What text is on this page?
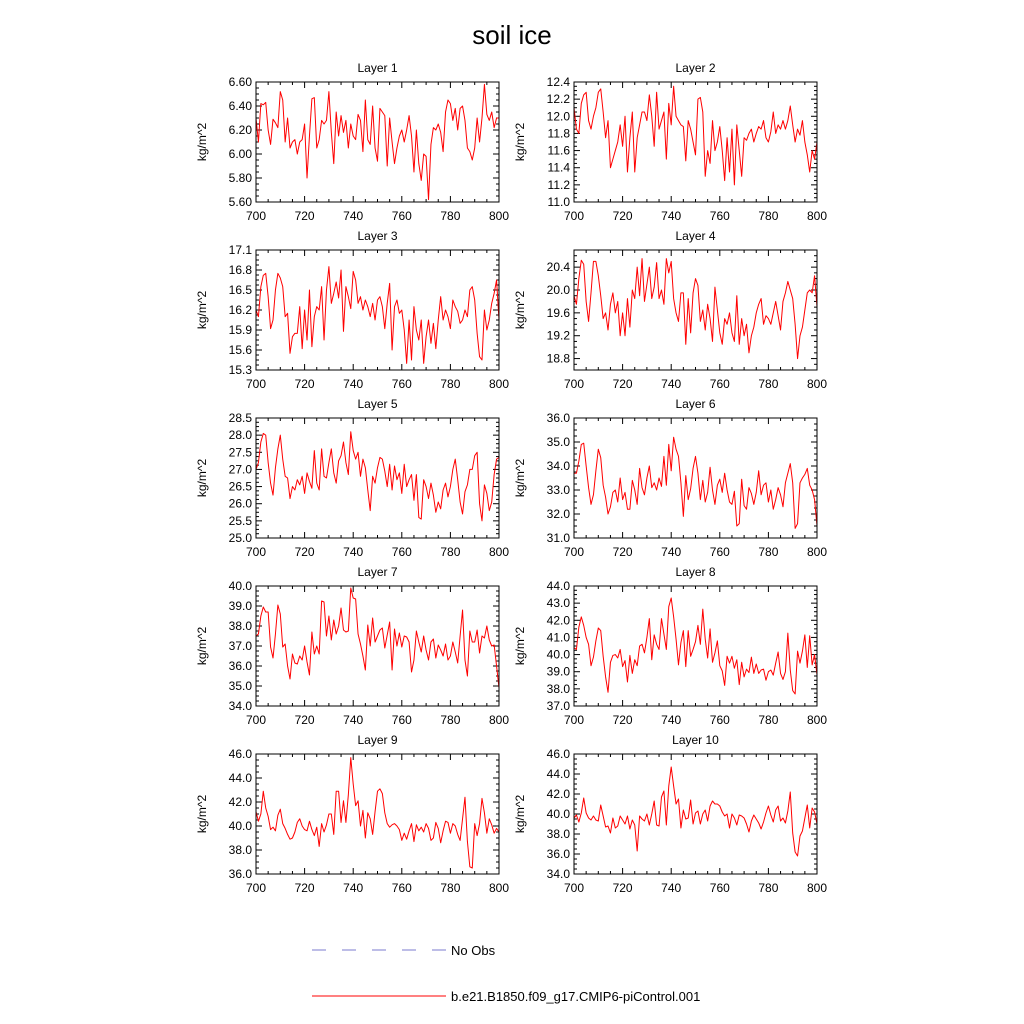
soil ice
Layer 1
kg/m^2
700 720 740 760 780 800
5.60
5.80
6.00
6.20
6.40
6.60
Layer 2
kg/m^2
700 720 740 760 780 800
11.0
11.2
11.4
11.6
11.8
12.0
12.2
12.4
Layer 3
kg/m^2
700 720 740 760 780 800
15.3
15.6
15.9
16.2
16.5
16.8
17.1
Layer 4
kg/m^2
700 720 740 760 780 800
18.8
19.2
19.6
20.0
20.4
Layer 5
kg/m^2
700 720 740 760 780 800
25.0
25.5
26.0
26.5
27.0
27.5
28.0
28.5
Layer 6
kg/m^2
700 720 740 760 780 800
31.0
32.0
33.0
34.0
35.0
36.0
Layer 7
kg/m^2
700 720 740 760 780 800
34.0
35.0
36.0
37.0
38.0
39.0
40.0
Layer 8
kg/m^2
700 720 740 760 780 800
37.0
38.0
39.0
40.0
41.0
42.0
43.0
44.0
Layer 9
kg/m^2
700 720 740 760 780 800
36.0
38.0
40.0
42.0
44.0
46.0
Layer 10
kg/m^2
700 720 740 760 780 800
34.0
36.0
38.0
40.0
42.0
44.0
46.0
No Obs
b.e21.B1850.f09_g17.CMIP6-piControl.001
